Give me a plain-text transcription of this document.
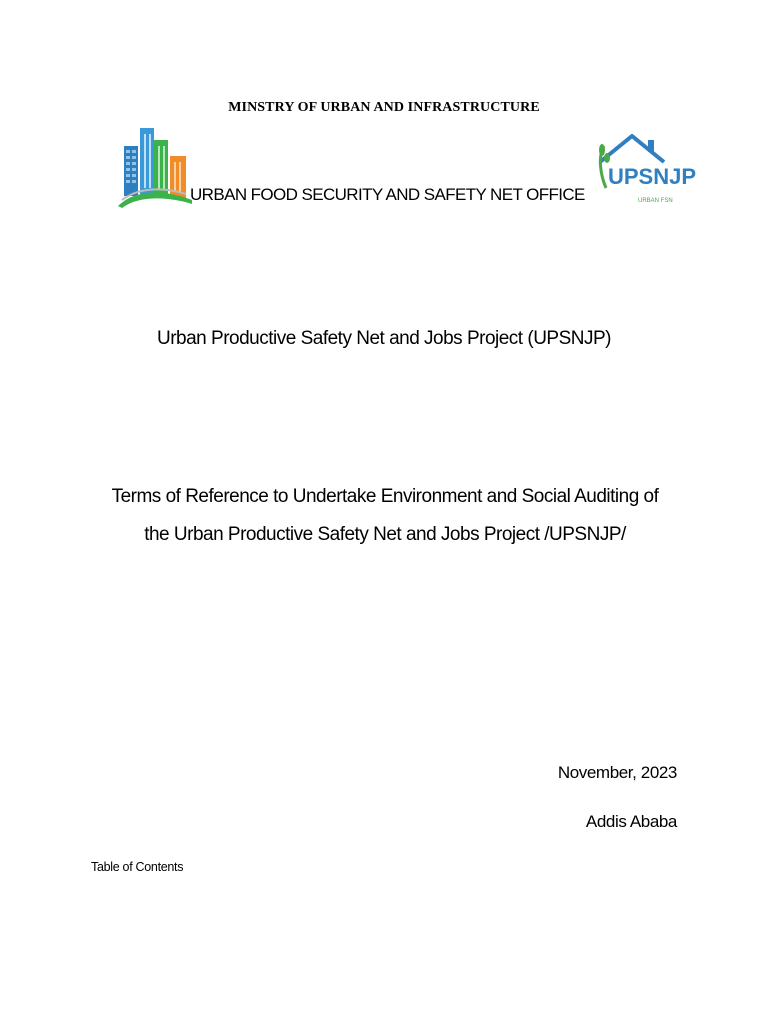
MINSTRY OF URBAN AND INFRASTRUCTURE
URBAN FOOD SECURITY AND SAFETY NET OFFICE
UPSNJP
URBAN FSN
Urban Productive Safety Net and Jobs Project (UPSNJP)
Terms of Reference to Undertake Environment and Social Auditing of
the Urban Productive Safety Net and Jobs Project /UPSNJP/
November, 2023
Addis Ababa
Table of Contents
